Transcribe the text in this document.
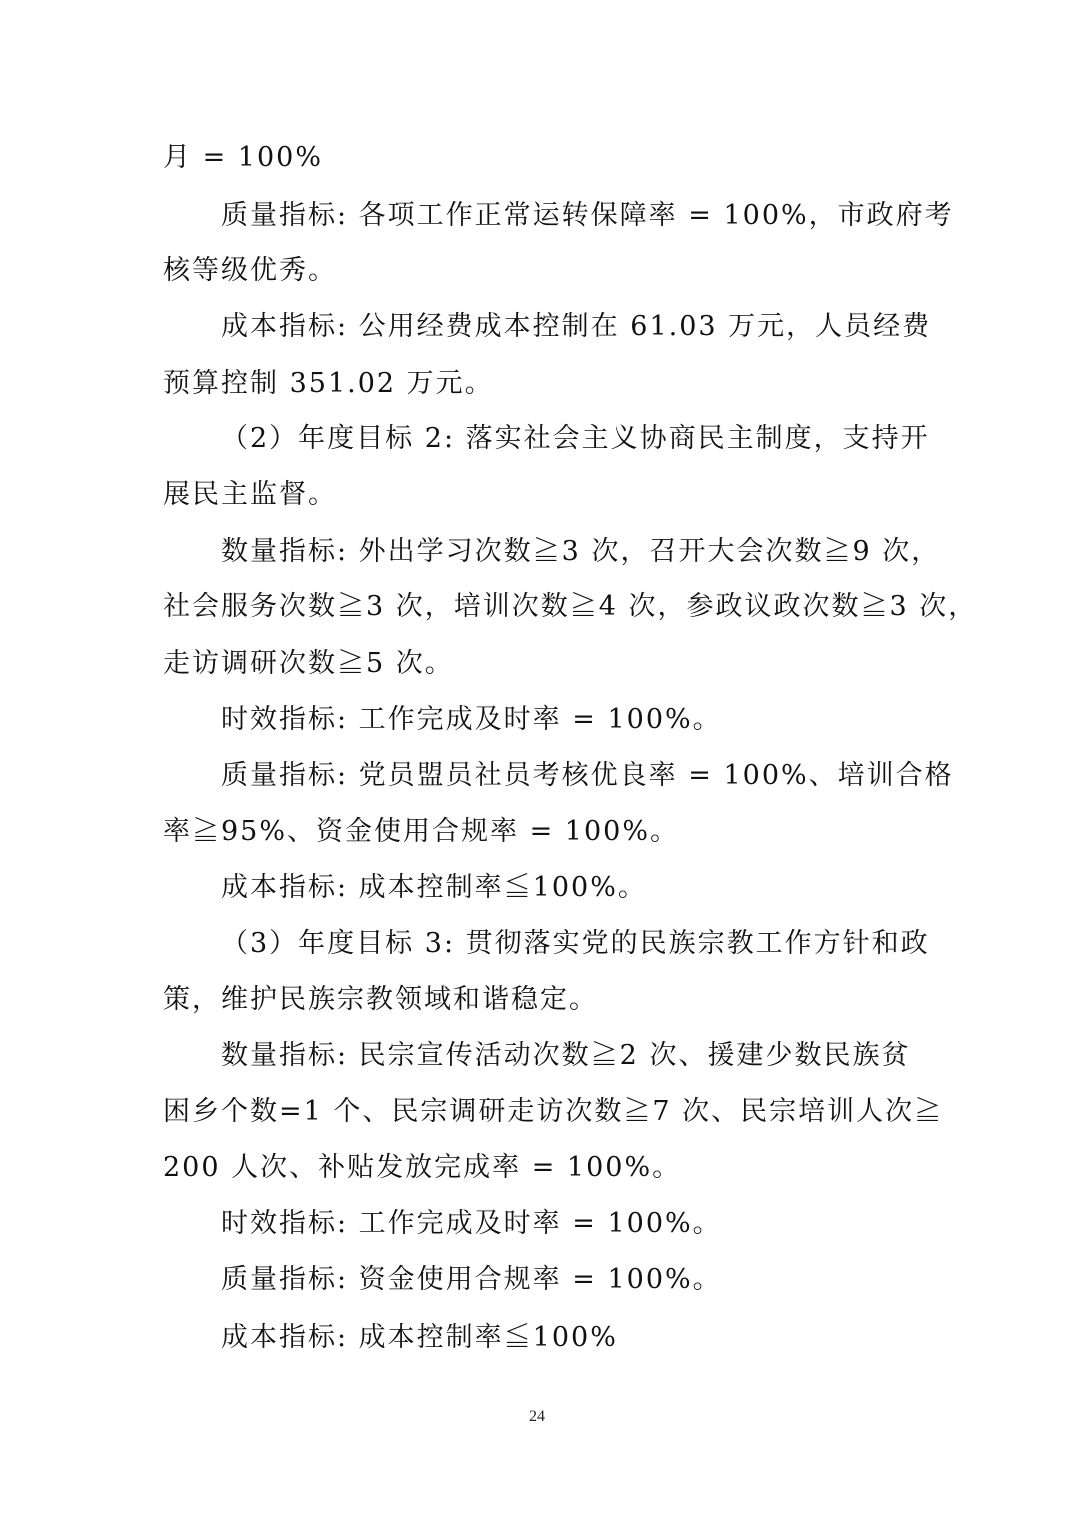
月 = 100%
质量指标: 各项工作正常运转保障率 = 100%，市政府考
核等级优秀。
成本指标: 公用经费成本控制在 61.03 万元，人员经费
预算控制 351.02 万元。
（2）年度目标 2: 落实社会主义协商民主制度，支持开
展民主监督。
数量指标: 外出学习次数≧3 次，召开大会次数≧9 次，
社会服务次数≧3 次，培训次数≧4 次，参政议政次数≧3 次，
走访调研次数≧5 次。
时效指标: 工作完成及时率 = 100%。
质量指标: 党员盟员社员考核优良率 = 100%、培训合格
率≧95%、资金使用合规率 = 100%。
成本指标: 成本控制率≦100%。
（3）年度目标 3: 贯彻落实党的民族宗教工作方针和政
策，维护民族宗教领域和谐稳定。
数量指标: 民宗宣传活动次数≧2 次、援建少数民族贫
困乡个数=1 个、民宗调研走访次数≧7 次、民宗培训人次≧
200 人次、补贴发放完成率 = 100%。
时效指标: 工作完成及时率 = 100%。
质量指标: 资金使用合规率 = 100%。
成本指标: 成本控制率≦100%
24
